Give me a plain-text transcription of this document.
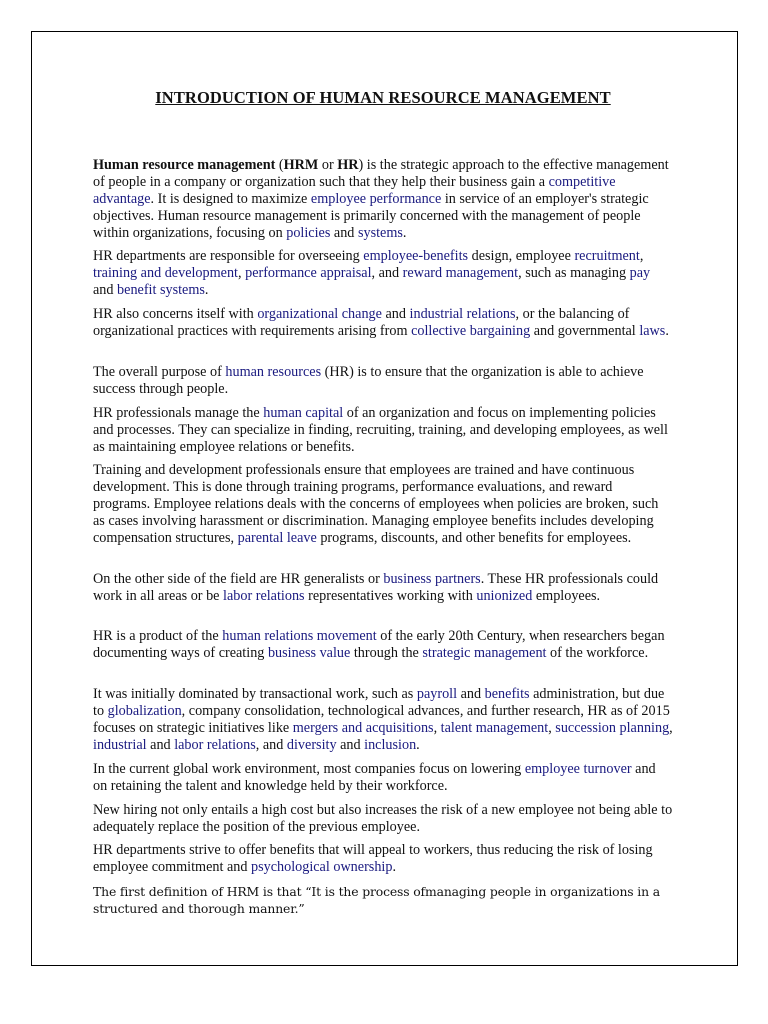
INTRODUCTION OF HUMAN RESOURCE MANAGEMENT

Human resource management (HRM or HR) is the strategic approach to the effective management of people in a company or organization such that they help their business gain a competitive advantage. It is designed to maximize employee performance in service of an employer's strategic objectives. Human resource management is primarily concerned with the management of people within organizations, focusing on policies and systems.

HR departments are responsible for overseeing employee-benefits design, employee recruitment, training and development, performance appraisal, and reward management, such as managing pay and benefit systems.

HR also concerns itself with organizational change and industrial relations, or the balancing of organizational practices with requirements arising from collective bargaining and governmental laws.

The overall purpose of human resources (HR) is to ensure that the organization is able to achieve success through people.

HR professionals manage the human capital of an organization and focus on implementing policies and processes. They can specialize in finding, recruiting, training, and developing employees, as well as maintaining employee relations or benefits.

Training and development professionals ensure that employees are trained and have continuous development. This is done through training programs, performance evaluations, and reward programs. Employee relations deals with the concerns of employees when policies are broken, such as cases involving harassment or discrimination. Managing employee benefits includes developing compensation structures, parental leave programs, discounts, and other benefits for employees.

On the other side of the field are HR generalists or business partners. These HR professionals could work in all areas or be labor relations representatives working with unionized employees.

HR is a product of the human relations movement of the early 20th Century, when researchers began documenting ways of creating business value through the strategic management of the workforce.

It was initially dominated by transactional work, such as payroll and benefits administration, but due to globalization, company consolidation, technological advances, and further research, HR as of 2015 focuses on strategic initiatives like mergers and acquisitions, talent management, succession planning, industrial and labor relations, and diversity and inclusion.

In the current global work environment, most companies focus on lowering employee turnover and on retaining the talent and knowledge held by their workforce.

New hiring not only entails a high cost but also increases the risk of a new employee not being able to adequately replace the position of the previous employee.

HR departments strive to offer benefits that will appeal to workers, thus reducing the risk of losing employee commitment and psychological ownership.

The first definition of HRM is that “It is the process ofmanaging people in organizations in a structured and thorough manner.”
